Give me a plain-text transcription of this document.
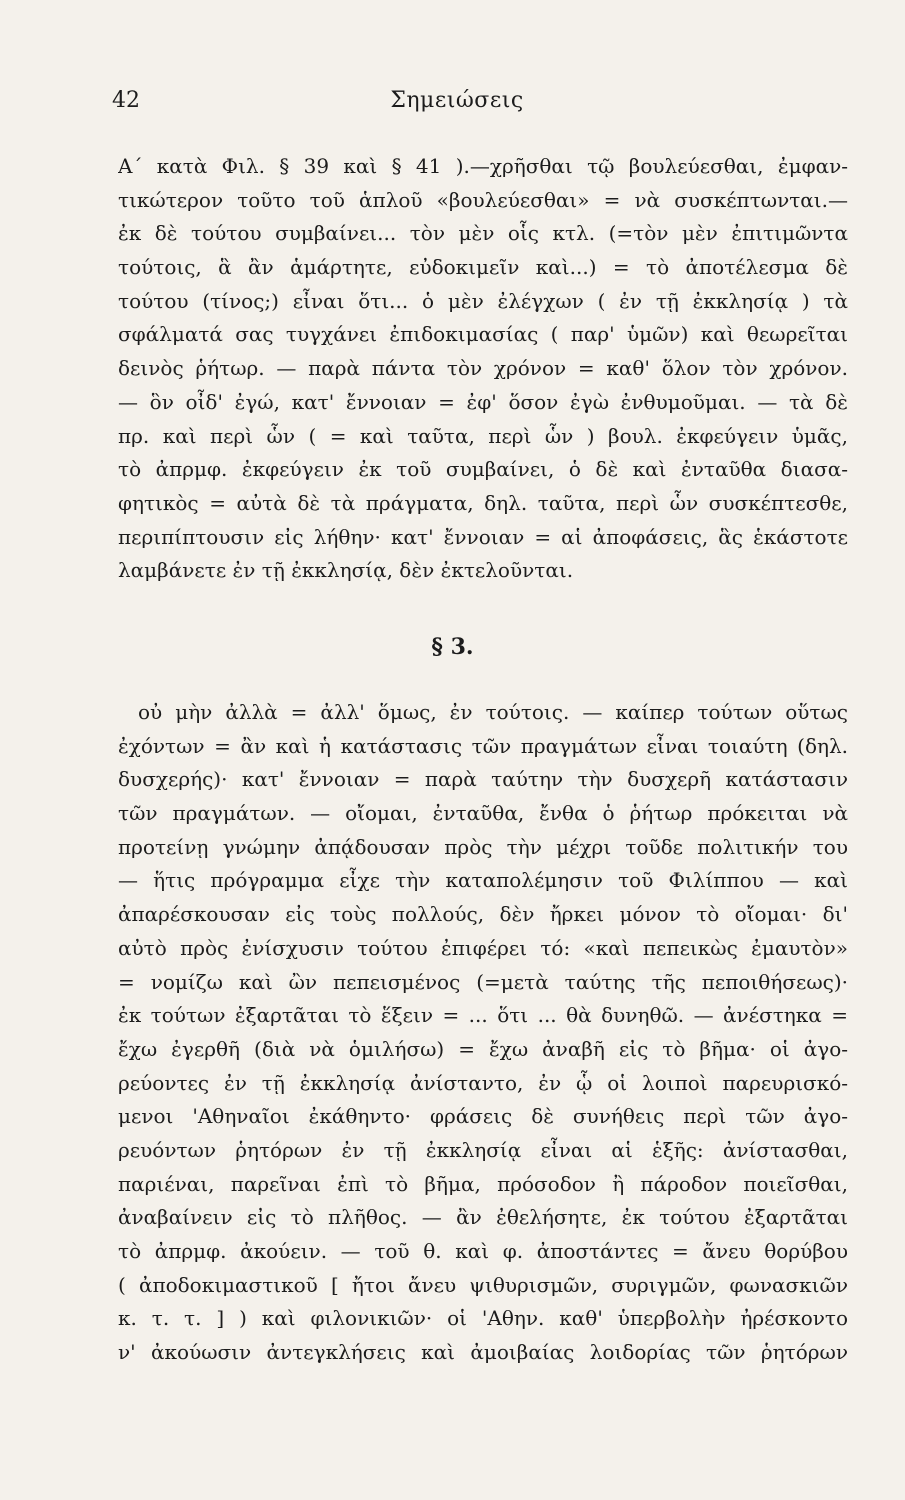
42	Σημειώσεις
Α΄ κατὰ Φιλ. § 39 καὶ § 41 ).—χρῆσθαι τῷ βουλεύεσθαι, ἐμφαν-
τικώτερον τοῦτο τοῦ ἁπλοῦ «βουλεύεσθαι» = νὰ συσκέπτωνται.—
ἐκ δὲ τούτου συμβαίνει... τὸν μὲν οἷς κτλ. (=τὸν μὲν ἐπιτιμῶντα
τούτοις, ἃ ἂν ἁμάρτητε, εὐδοκιμεῖν καὶ...) = τὸ ἀποτέλεσμα δὲ
τούτου (τίνος;) εἶναι ὅτι... ὁ μὲν ἐλέγχων ( ἐν τῇ ἐκκλησίᾳ ) τὰ
σφάλματά σας τυγχάνει ἐπιδοκιμασίας ( παρ' ὑμῶν) καὶ θεωρεῖται
δεινὸς ῥήτωρ. — παρὰ πάντα τὸν χρόνον = καθ' ὅλον τὸν χρόνον.
— ὃν οἶδ' ἐγώ, κατ' ἔννοιαν = ἐφ' ὅσον ἐγὼ ἐνθυμοῦμαι. — τὰ δὲ
πρ. καὶ περὶ ὧν ( = καὶ ταῦτα, περὶ ὧν ) βουλ. ἐκφεύγειν ὑμᾶς,
τὸ ἀπρμφ. ἐκφεύγειν ἐκ τοῦ συμβαίνει, ὁ δὲ καὶ ἐνταῦθα διασα-
φητικὸς = αὐτὰ δὲ τὰ πράγματα, δηλ. ταῦτα, περὶ ὧν συσκέπτεσθε,
περιπίπτουσιν εἰς λήθην· κατ' ἔννοιαν = αἱ ἀποφάσεις, ἃς ἑκάστοτε
λαμβάνετε ἐν τῇ ἐκκλησίᾳ, δὲν ἐκτελοῦνται.
§ 3.
οὐ μὴν ἀλλὰ = ἀλλ' ὅμως, ἐν τούτοις. — καίπερ τούτων οὕτως
ἐχόντων = ἂν καὶ ἡ κατάστασις τῶν πραγμάτων εἶναι τοιαύτη (δηλ.
δυσχερής)· κατ' ἔννοιαν = παρὰ ταύτην τὴν δυσχερῆ κατάστασιν
τῶν πραγμάτων. — οἴομαι, ἐνταῦθα, ἔνθα ὁ ῥήτωρ πρόκειται νὰ
προτείνῃ γνώμην ἀπᾴδουσαν πρὸς τὴν μέχρι τοῦδε πολιτικήν του
— ἥτις πρόγραμμα εἶχε τὴν καταπολέμησιν τοῦ Φιλίππου — καὶ
ἀπαρέσκουσαν εἰς τοὺς πολλούς, δὲν ἤρκει μόνον τὸ οἴομαι· δι'
αὐτὸ πρὸς ἐνίσχυσιν τούτου ἐπιφέρει τό: «καὶ πεπεικὼς ἐμαυτὸν»
= νομίζω καὶ ὢν πεπεισμένος (=μετὰ ταύτης τῆς πεποιθήσεως)·
ἐκ τούτων ἐξαρτᾶται τὸ ἕξειν = ... ὅτι ... θὰ δυνηθῶ. — ἀνέστηκα =
ἔχω ἐγερθῆ (διὰ νὰ ὁμιλήσω) = ἔχω ἀναβῆ εἰς τὸ βῆμα· οἱ ἀγο-
ρεύοντες ἐν τῇ ἐκκλησίᾳ ἀνίσταντο, ἐν ᾧ οἱ λοιποὶ παρευρισκό-
μενοι 'Αθηναῖοι ἐκάθηντο· φράσεις δὲ συνήθεις περὶ τῶν ἀγο-
ρευόντων ῥητόρων ἐν τῇ ἐκκλησίᾳ εἶναι αἱ ἑξῆς: ἀνίστασθαι,
παριέναι, παρεῖναι ἐπὶ τὸ βῆμα, πρόσοδον ἢ πάροδον ποιεῖσθαι,
ἀναβαίνειν εἰς τὸ πλῆθος. — ἂν ἐθελήσητε, ἐκ τούτου ἐξαρτᾶται
τὸ ἀπρμφ. ἀκούειν. — τοῦ θ. καὶ φ. ἀποστάντες = ἄνευ θορύβου
( ἀποδοκιμαστικοῦ [ ἤτοι ἄνευ ψιθυρισμῶν, συριγμῶν, φωνασκιῶν
κ. τ. τ. ] ) καὶ φιλονικιῶν· οἱ 'Αθην. καθ' ὑπερβολὴν ἠρέσκοντο
ν' ἀκούωσιν ἀντεγκλήσεις καὶ ἀμοιβαίας λοιδορίας τῶν ῥητόρων
